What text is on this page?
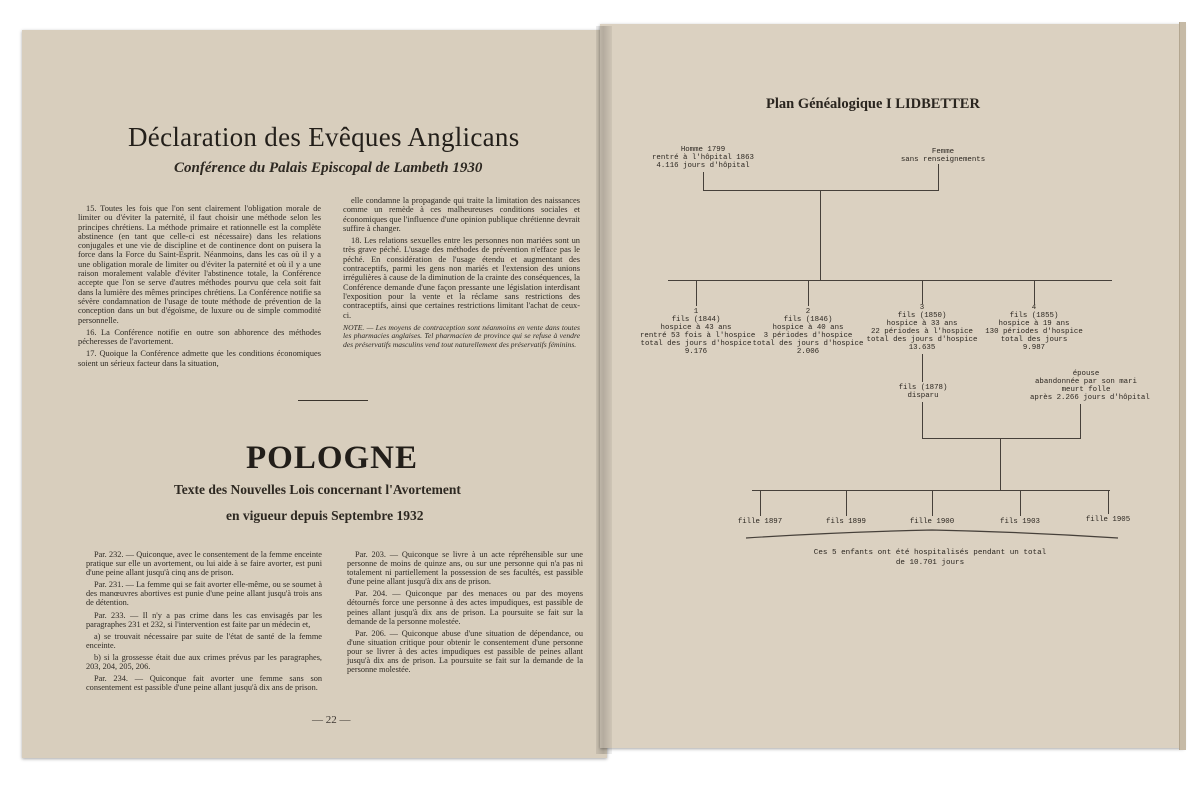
Déclaration des Evêques Anglicans
Conférence du Palais Episcopal de Lambeth 1930

15. Toutes les fois que l'on sent clairement l'obligation morale de limiter ou d'éviter la paternité, il faut choisir une méthode selon les principes chrétiens. La méthode primaire et rationnelle est la complète abstinence (en tant que celle-ci est nécessaire) dans les relations conjugales et une vie de discipline et de continence dont on puisera la force dans la Force du Saint-Esprit. Néanmoins, dans les cas où il y a une obligation morale de limiter ou d'éviter la paternité et où il y a une raison moralement valable d'éviter l'abstinence totale, la Conférence accepte que l'on se serve d'autres méthodes pourvu que cela soit fait dans la lumière des mêmes principes chrétiens. La Conférence notifie sa sévère condamnation de l'usage de toute méthode de prévention de la conception dans un but d'égoïsme, de luxure ou de simple commodité personnelle.

16. La Conférence notifie en outre son abhorence des méthodes pécheresses de l'avortement.

17. Quoique la Conférence admette que les conditions économiques soient un sérieux facteur dans la situation,

elle condamne la propagande qui traite la limitation des naissances comme un remède à ces malheureuses conditions sociales et économiques que l'influence d'une opinion publique chrétienne devrait suffire à changer.

18. Les relations sexuelles entre les personnes non mariées sont un très grave péché. L'usage des méthodes de prévention n'efface pas le péché. En considération de l'usage étendu et augmentant des contraceptifs, parmi les gens non mariés et l'extension des unions irrégulières à cause de la diminution de la crainte des conséquences, la Conférence demande d'une façon pressante une législation interdisant l'exposition pour la vente et la réclame sans restrictions des contraceptifs, ainsi que certaines restrictions limitant l'achat de ceux-ci.

NOTE. — Les moyens de contraception sont néanmoins en vente dans toutes les pharmacies anglaises. Tel pharmacien de province qui se refuse à vendre des préservatifs masculins vend tout naturellement des préservatifs féminins.
POLOGNE
Texte des Nouvelles Lois concernant l'Avortement
en vigueur depuis Septembre 1932

Par. 232. — Quiconque, avec le consentement de la femme enceinte pratique sur elle un avortement, ou lui aide à se faire avorter, est puni d'une peine allant jusqu'à cinq ans de prison.

Par. 231. — La femme qui se fait avorter elle-même, ou se soumet à des manœuvres abortives est punie d'une peine allant jusqu'à trois ans de détention.

Par. 233. — Il n'y a pas crime dans les cas envisagés par les paragraphes 231 et 232, si l'intervention est faite par un médecin et,

a) se trouvait nécessaire par suite de l'état de santé de la femme enceinte.

b) si la grossesse était due aux crimes prévus par les paragraphes, 203, 204, 205, 206.

Par. 234. — Quiconque fait avorter une femme sans son consentement est passible d'une peine allant jusqu'à dix ans de prison.

Par. 203. — Quiconque se livre à un acte répréhensible sur une personne de moins de quinze ans, ou sur une personne qui n'a pas ni totalement ni partiellement la possession de ses facultés, est passible d'une peine allant jusqu'à dix ans de prison.

Par. 204. — Quiconque par des menaces ou par des moyens détournés force une personne à des actes impudiques, est passible de peines allant jusqu'à dix ans de prison. La poursuite se fait sur la demande de la personne molestée.

Par. 206. — Quiconque abuse d'une situation de dépendance, ou d'une situation critique pour obtenir le consentement d'une personne pour se livrer à des actes impudiques est passible de peines allant jusqu'à dix ans de prison. La poursuite se fait sur la demande de la personne molestée.

— 22 —
Plan Généalogique I LIDBETTER
Homme 1799
rentré à l'hôpital 1863
4.116 jours d'hôpital
Femme
sans renseignements
1
fils (1844)
hospice à 43 ans
rentré 53 fois à l'hospice
total des jours d'hospice
9.176
2
fils (1846)
hospice à 40 ans
3 périodes d'hospice
total des jours d'hospice
2.006
3
fils (1850)
hospice à 33 ans
22 périodes à l'hospice
total des jours d'hospice
13.635
4
fils (1855)
hospice à 19 ans
130 périodes d'hospice
total des jours
9.987
fils (1878)
disparu
épouse
abandonnée par son mari
meurt folle
après 2.266 jours d'hôpital
fille 1897	fils 1899	fille 1900	fils 1903	fille 1905
Ces 5 enfants ont été hospitalisés pendant un total
de 10.701 jours
